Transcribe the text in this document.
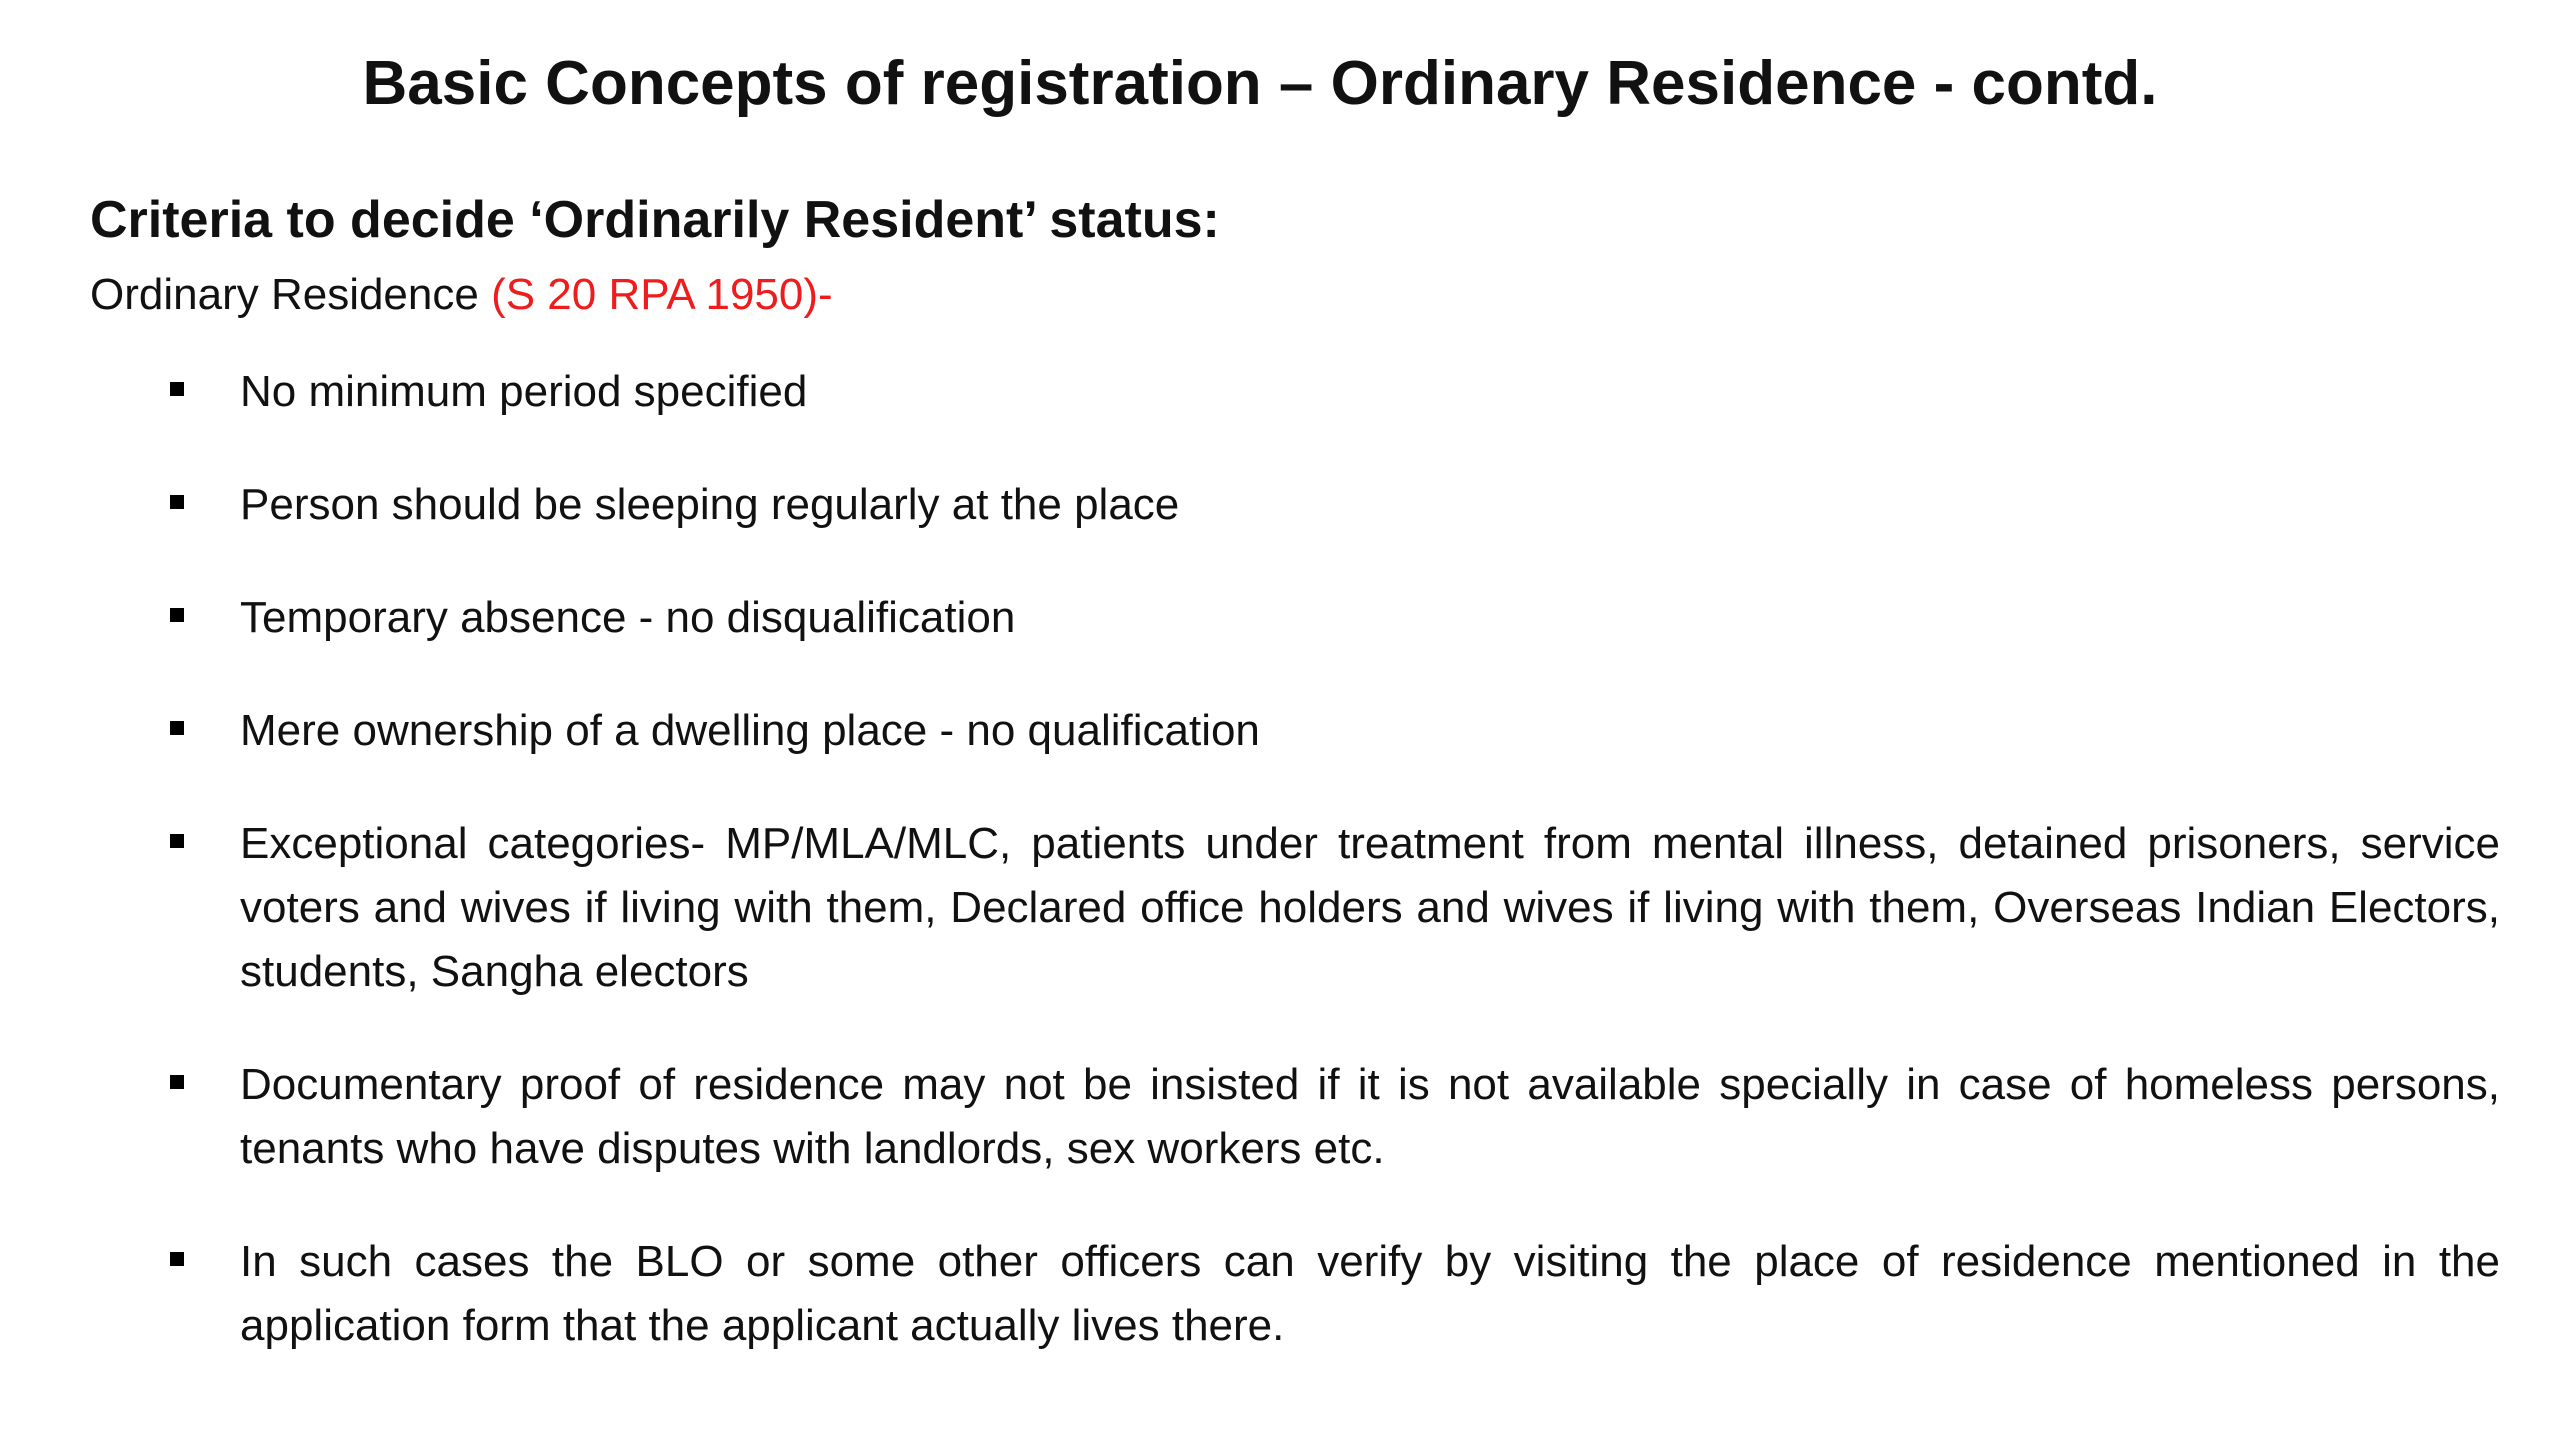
Basic Concepts of registration – Ordinary Residence - contd.
Criteria to decide ‘Ordinarily Resident’ status:
Ordinary Residence (S 20 RPA 1950)-
No minimum period specified
Person should be sleeping regularly at the place
Temporary absence - no disqualification
Mere ownership of a dwelling place - no qualification
Exceptional categories- MP/MLA/MLC, patients under treatment from mental illness, detained prisoners, service voters and wives if living with them, Declared office holders and wives if living with them, Overseas Indian Electors, students, Sangha electors
Documentary proof of residence may not be insisted if it is not available specially in case of homeless persons, tenants who have disputes with landlords, sex workers etc.
In such cases the BLO or some other officers can verify by visiting the place of residence mentioned in the application form that the applicant actually lives there.
